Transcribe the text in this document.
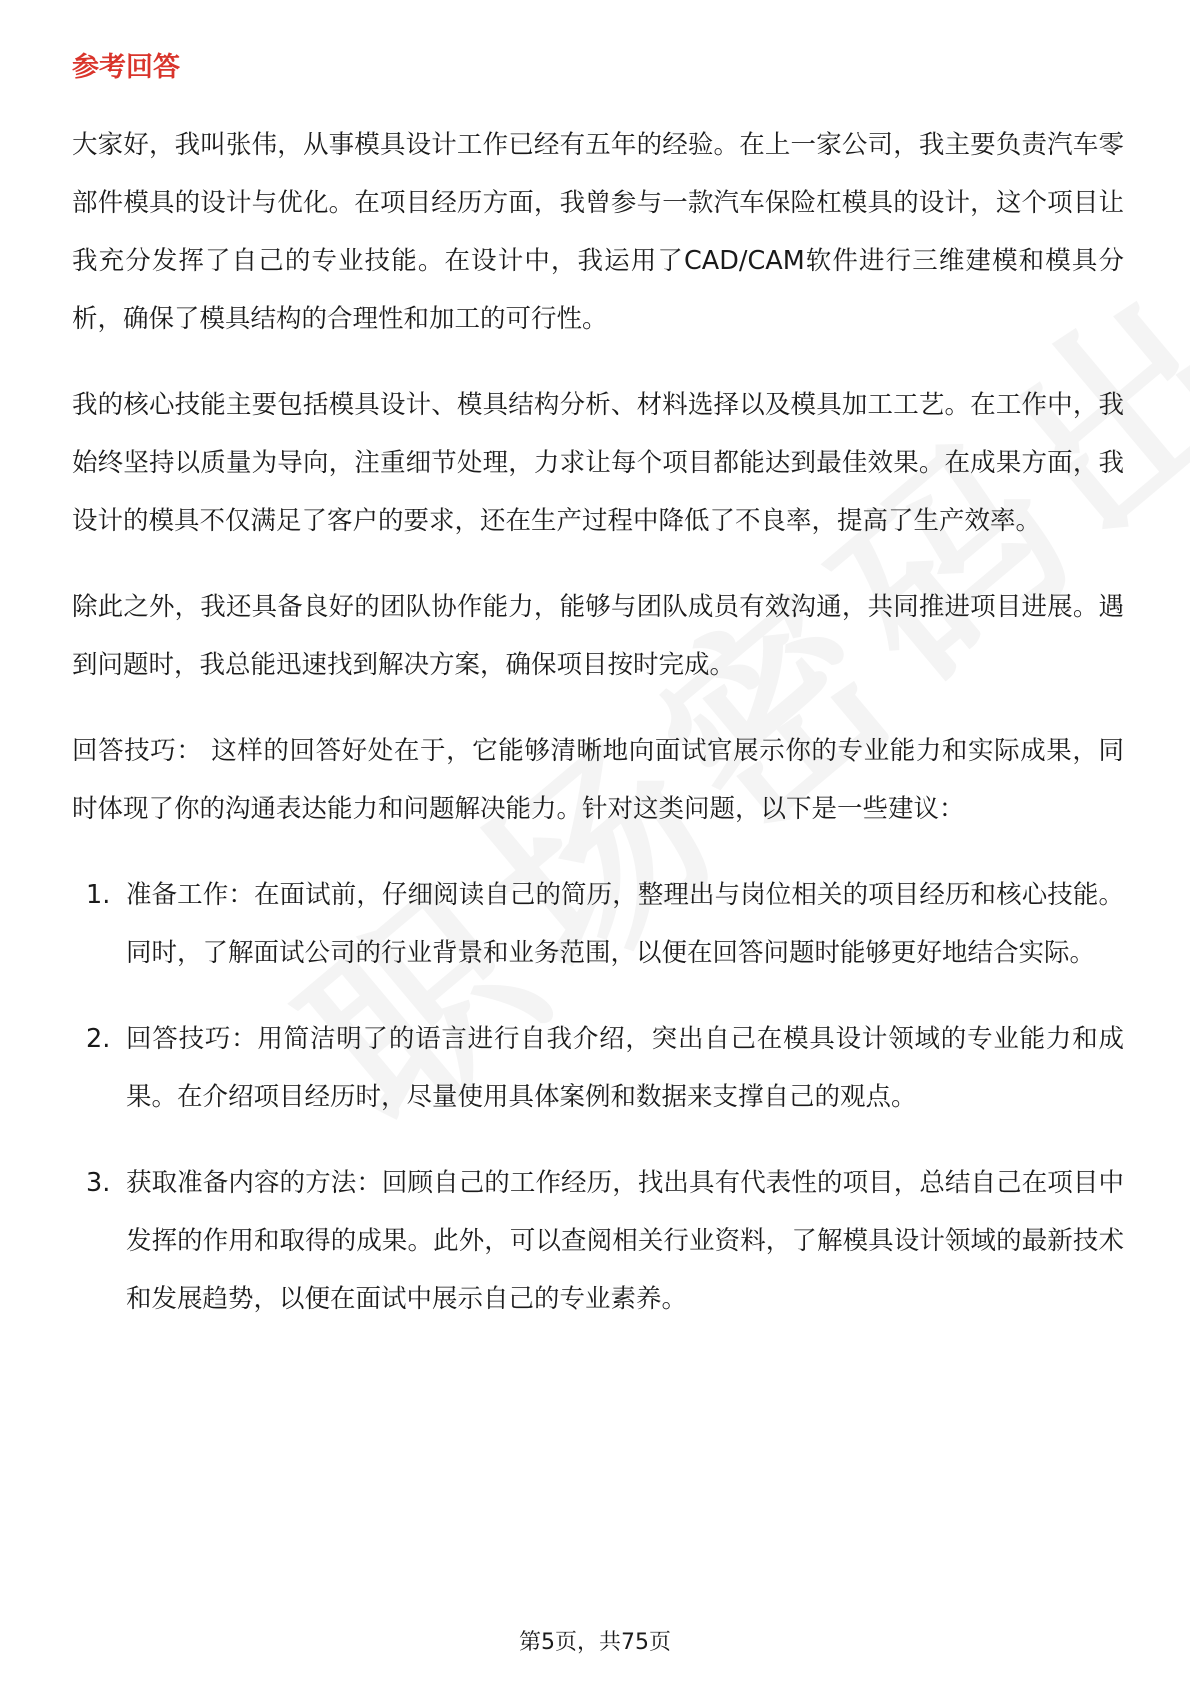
参考回答

大家好，我叫张伟，从事模具设计工作已经有五年的经验。在上一家公司，我主要负责汽车零部件模具的设计与优化。在项目经历方面，我曾参与一款汽车保险杠模具的设计，这个项目让我充分发挥了自己的专业技能。在设计中，我运用了CAD/CAM软件进行三维建模和模具分析，确保了模具结构的合理性和加工的可行性。

我的核心技能主要包括模具设计、模具结构分析、材料选择以及模具加工工艺。在工作中，我始终坚持以质量为导向，注重细节处理，力求让每个项目都能达到最佳效果。在成果方面，我设计的模具不仅满足了客户的要求，还在生产过程中降低了不良率，提高了生产效率。

除此之外，我还具备良好的团队协作能力，能够与团队成员有效沟通，共同推进项目进展。遇到问题时，我总能迅速找到解决方案，确保项目按时完成。

回答技巧： 这样的回答好处在于，它能够清晰地向面试官展示你的专业能力和实际成果，同时体现了你的沟通表达能力和问题解决能力。针对这类问题，以下是一些建议：

1. 准备工作：在面试前，仔细阅读自己的简历，整理出与岗位相关的项目经历和核心技能。同时，了解面试公司的行业背景和业务范围，以便在回答问题时能够更好地结合实际。
2. 回答技巧：用简洁明了的语言进行自我介绍，突出自己在模具设计领域的专业能力和成果。在介绍项目经历时，尽量使用具体案例和数据来支撑自己的观点。
3. 获取准备内容的方法：回顾自己的工作经历，找出具有代表性的项目，总结自己在项目中发挥的作用和取得的成果。此外，可以查阅相关行业资料，了解模具设计领域的最新技术和发展趋势，以便在面试中展示自己的专业素养。
第5页，共75页
